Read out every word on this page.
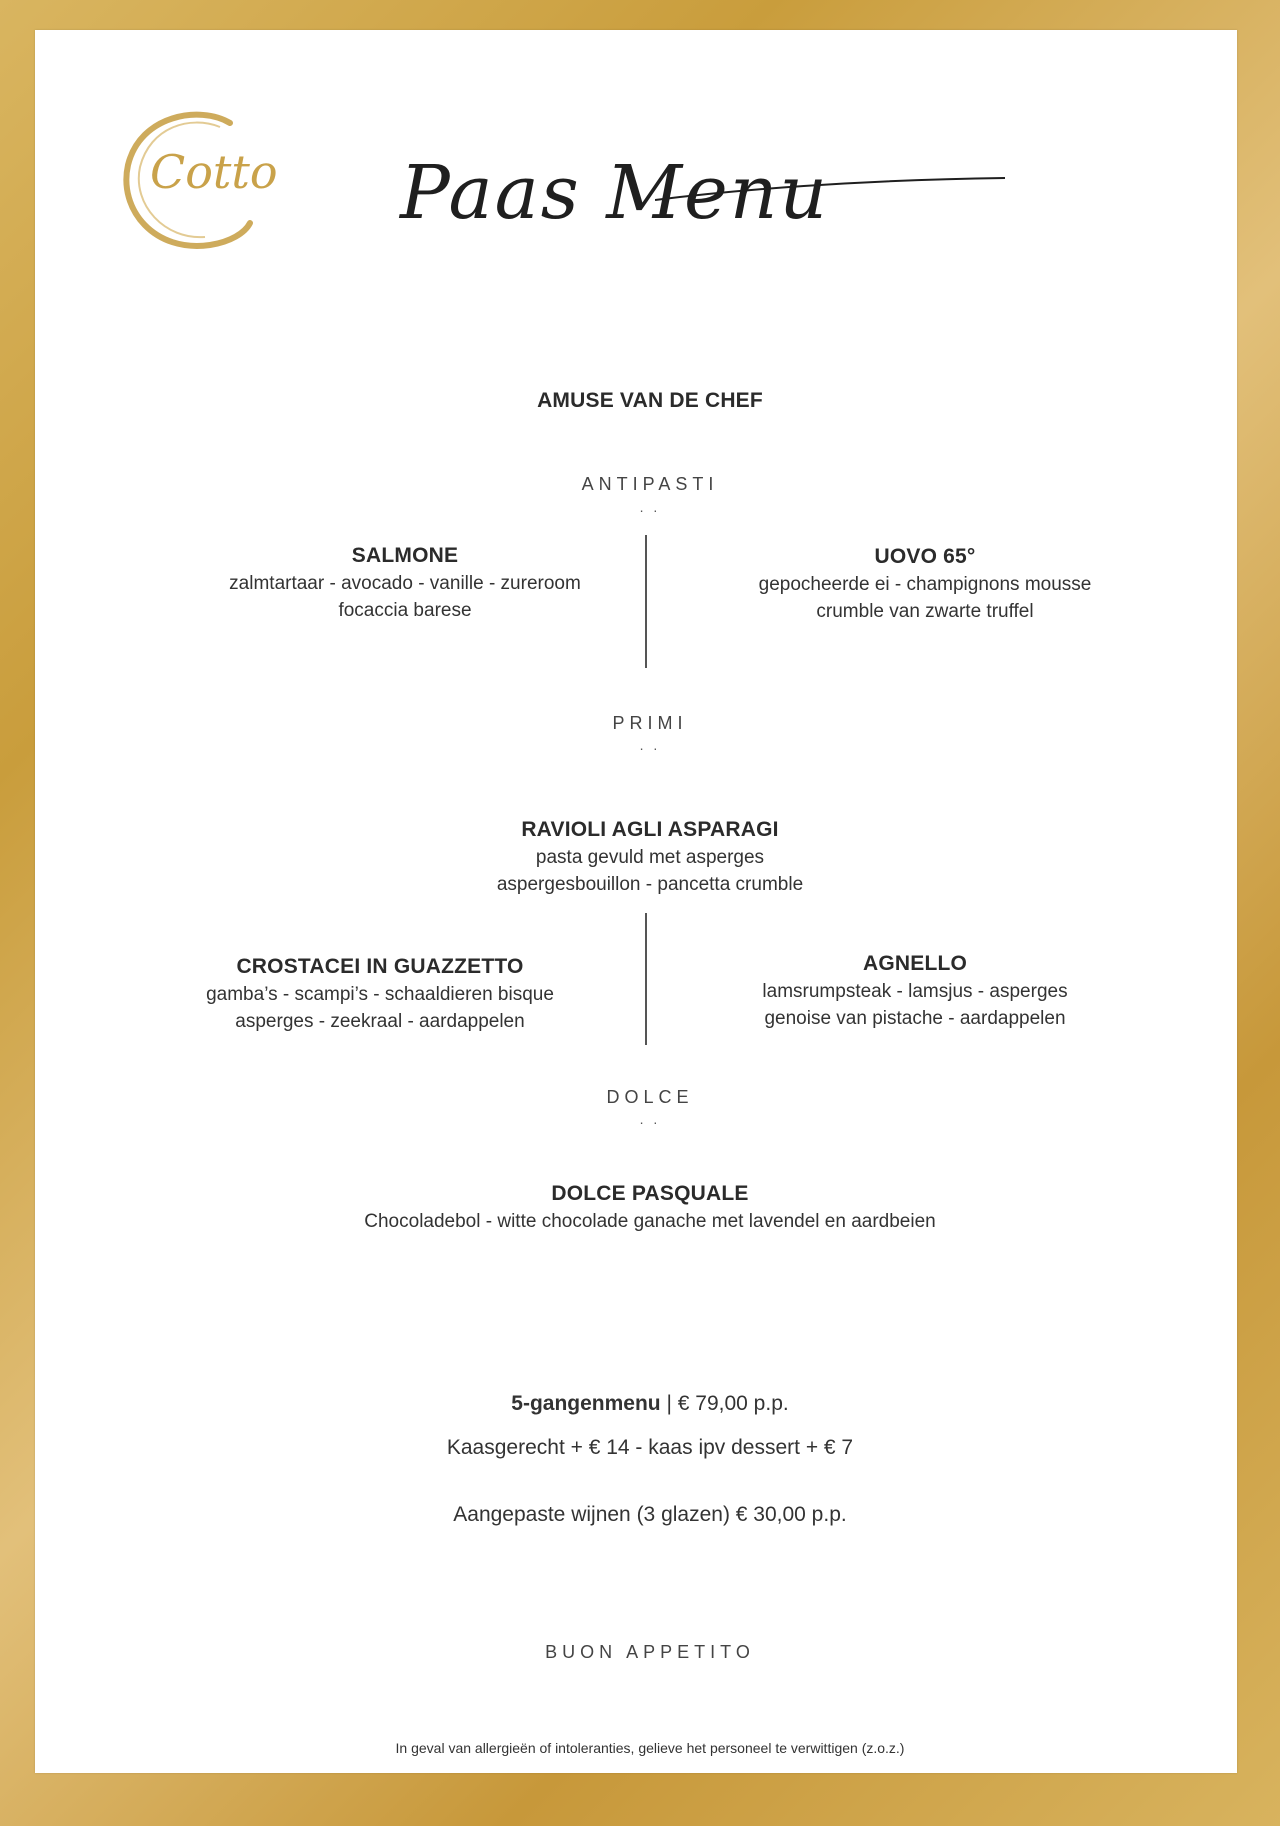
Cotto Paas Menu
AMUSE VAN DE CHEF
ANTIPASTI
. .
SALMONE
zalmtartaar - avocado - vanille - zureroom
focaccia barese
UOVO 65°
gepocheerde ei - champignons mousse
crumble van zwarte truffel
PRIMI
. .
RAVIOLI AGLI ASPARAGI
pasta gevuld met asperges
aspergesbouillon - pancetta crumble
CROSTACEI IN GUAZZETTO
gamba’s - scampi’s - schaaldieren bisque
asperges - zeekraal - aardappelen
AGNELLO
lamsrumpsteak - lamsjus - asperges
genoise van pistache - aardappelen
DOLCE
. .
DOLCE PASQUALE
Chocoladebol - witte chocolade ganache met lavendel en aardbeien
5-gangenmenu | € 79,00 p.p.
Kaasgerecht + € 14 - kaas ipv dessert + € 7
Aangepaste wijnen (3 glazen) € 30,00 p.p.
BUON APPETITO
In geval van allergieën of intoleranties, gelieve het personeel te verwittigen (z.o.z.)
